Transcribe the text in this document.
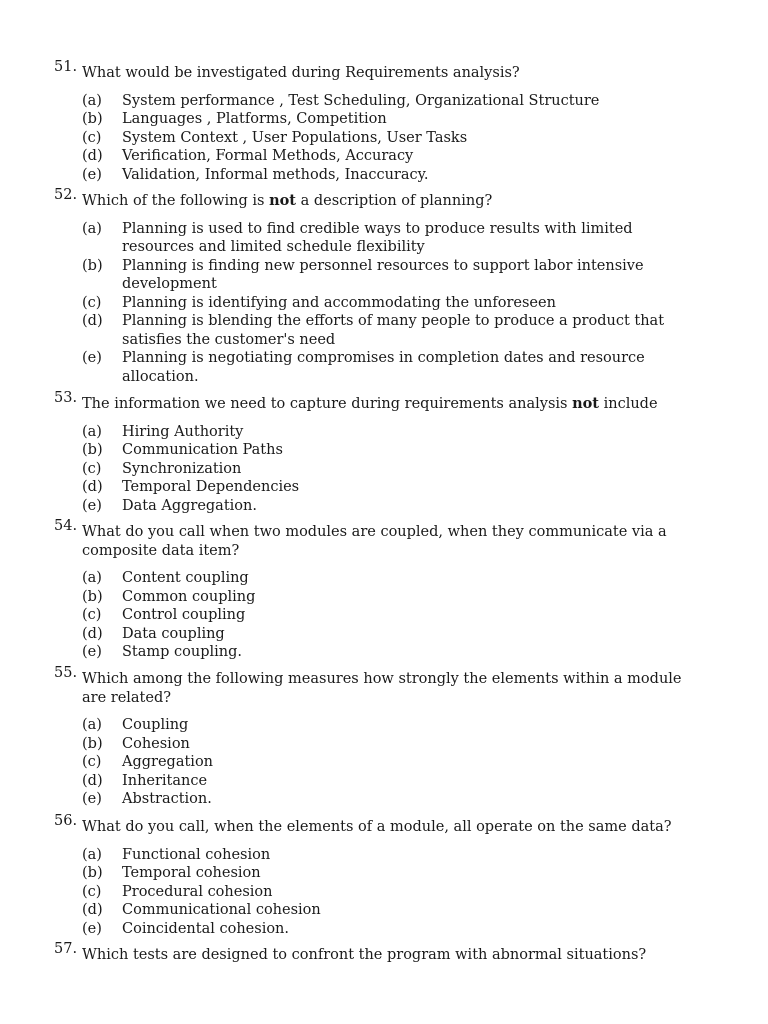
51. What would be investigated during Requirements analysis?
(a) System performance , Test Scheduling, Organizational Structure
(b) Languages , Platforms, Competition
(c) System Context , User Populations, User Tasks
(d) Verification, Formal Methods, Accuracy
(e) Validation, Informal methods, Inaccuracy.
52. Which of the following is not a description of planning?
(a) Planning is used to find credible ways to produce results with limited resources and limited schedule flexibility
(b) Planning is finding new personnel resources to support labor intensive development
(c) Planning is identifying and accommodating the unforeseen
(d) Planning is blending the efforts of many people to produce a product that satisfies the customer's need
(e) Planning is negotiating compromises in completion dates and resource allocation.
53. The information we need to capture during requirements analysis not include
(a) Hiring Authority
(b) Communication Paths
(c) Synchronization
(d) Temporal Dependencies
(e) Data Aggregation.
54. What do you call when two modules are coupled, when they communicate via a composite data item?
(a) Content coupling
(b) Common coupling
(c) Control coupling
(d) Data coupling
(e) Stamp coupling.
55. Which among the following measures how strongly the elements within a module are related?
(a) Coupling
(b) Cohesion
(c) Aggregation
(d) Inheritance
(e) Abstraction.
56. What do you call, when the elements of a module, all operate on the same data?
(a) Functional cohesion
(b) Temporal cohesion
(c) Procedural cohesion
(d) Communicational cohesion
(e) Coincidental cohesion.
57. Which tests are designed to confront the program with abnormal situations?
